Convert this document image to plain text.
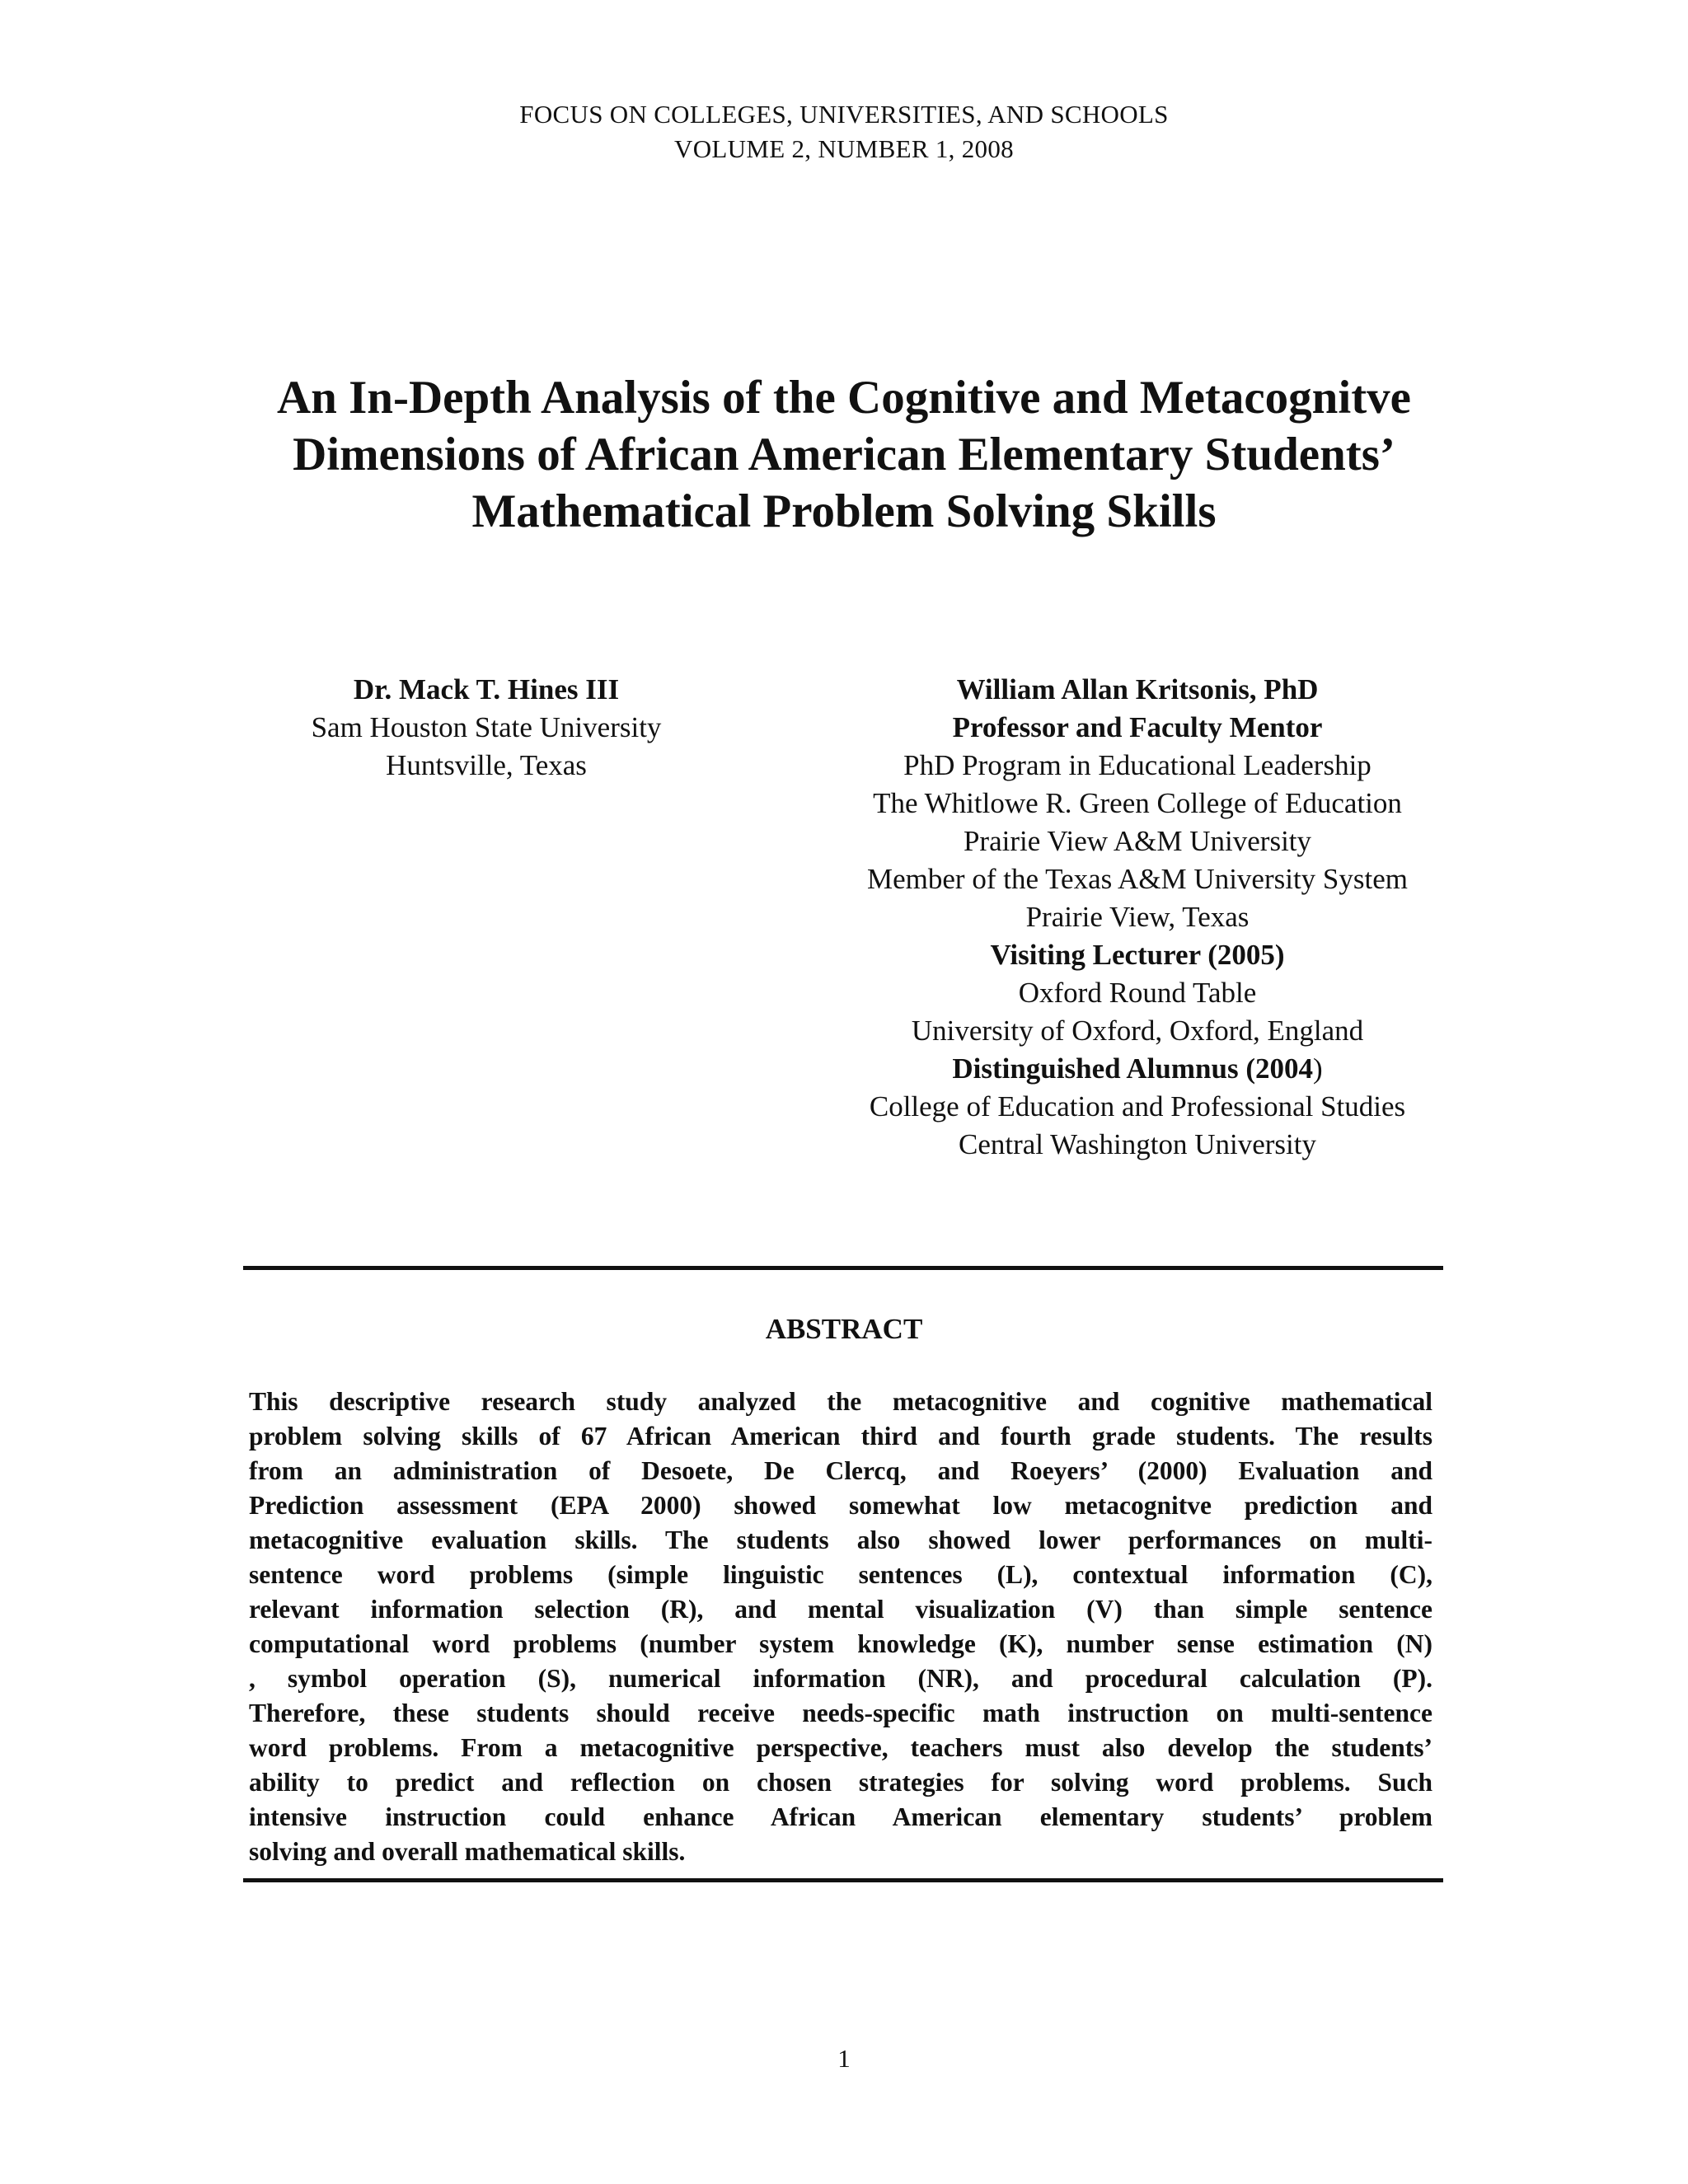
FOCUS ON COLLEGES, UNIVERSITIES, AND SCHOOLS
VOLUME 2, NUMBER 1, 2008
An In-Depth Analysis of the Cognitive and Metacognitve
Dimensions of African American Elementary Students’
Mathematical Problem Solving Skills
Dr. Mack T. Hines III
Sam Houston State University
Huntsville, Texas
William Allan Kritsonis, PhD
Professor and Faculty Mentor
PhD Program in Educational Leadership
The Whitlowe R. Green College of Education
Prairie View A&M University
Member of the Texas A&M University System
Prairie View, Texas
Visiting Lecturer (2005)
Oxford Round Table
University of Oxford, Oxford, England
Distinguished Alumnus (2004)
College of Education and Professional Studies
Central Washington University
ABSTRACT
This descriptive research study analyzed the metacognitive and cognitive mathematical
problem solving skills of 67 African American third and fourth grade students. The results
from an administration of Desoete, De Clercq, and Roeyers’ (2000) Evaluation and
Prediction assessment (EPA 2000) showed somewhat low metacognitve prediction and
metacognitive evaluation skills. The students also showed lower performances on multi-
sentence word problems (simple linguistic sentences (L), contextual information (C),
relevant information selection (R), and mental visualization (V) than simple sentence
computational word problems (number system knowledge (K), number sense estimation (N)
, symbol operation (S), numerical information (NR), and procedural calculation (P).
Therefore, these students should receive needs-specific math instruction on multi-sentence
word problems. From a metacognitive perspective, teachers must also develop the students’
ability to predict and reflection on chosen strategies for solving word problems. Such
intensive instruction could enhance African American elementary students’ problem
solving and overall mathematical skills.
1
